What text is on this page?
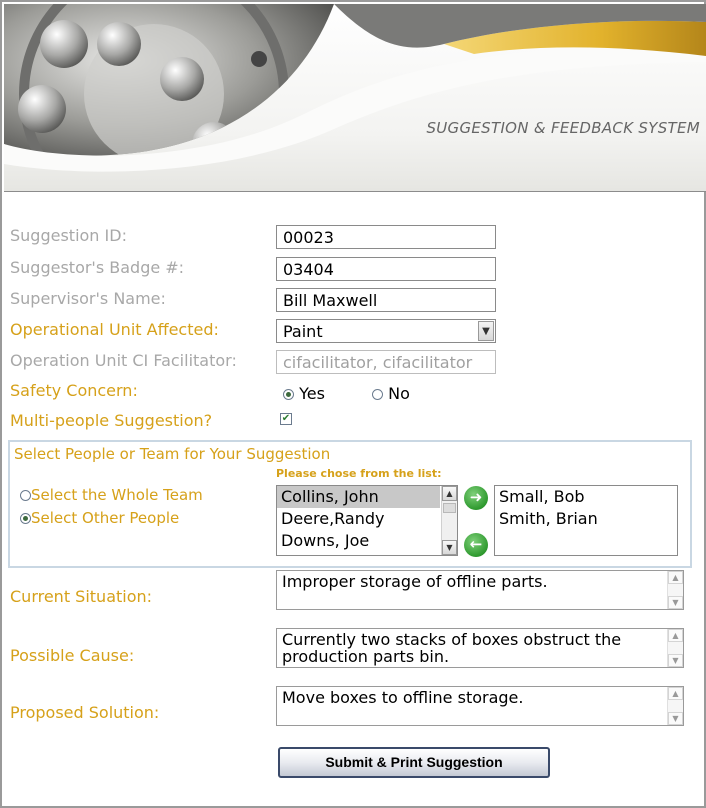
SUGGESTION & FEEDBACK SYSTEM
Suggestion ID:	00023
Suggestor's Badge #:	03404
Supervisor's Name:	Bill Maxwell
Operational Unit Affected:	Paint	▼
Operation Unit CI Facilitator:	cifacilitator, cifacilitator
Safety Concern:	Yes	No
Multi-people Suggestion?	✔
Select People or Team for Your Suggestion
Please chose from the list:
Select the Whole Team
Select Other People
Collins, John
Deere,Randy
Downs, Joe
▲
▼
➜
←
Small, Bob
Smith, Brian
Current Situation:
Improper storage of offline parts.	▲
▼
Possible Cause:
Currently two stacks of boxes obstruct the production parts bin.
▲
▼
Proposed Solution:
Move boxes to offline storage.	▲
▼
Submit & Print Suggestion
